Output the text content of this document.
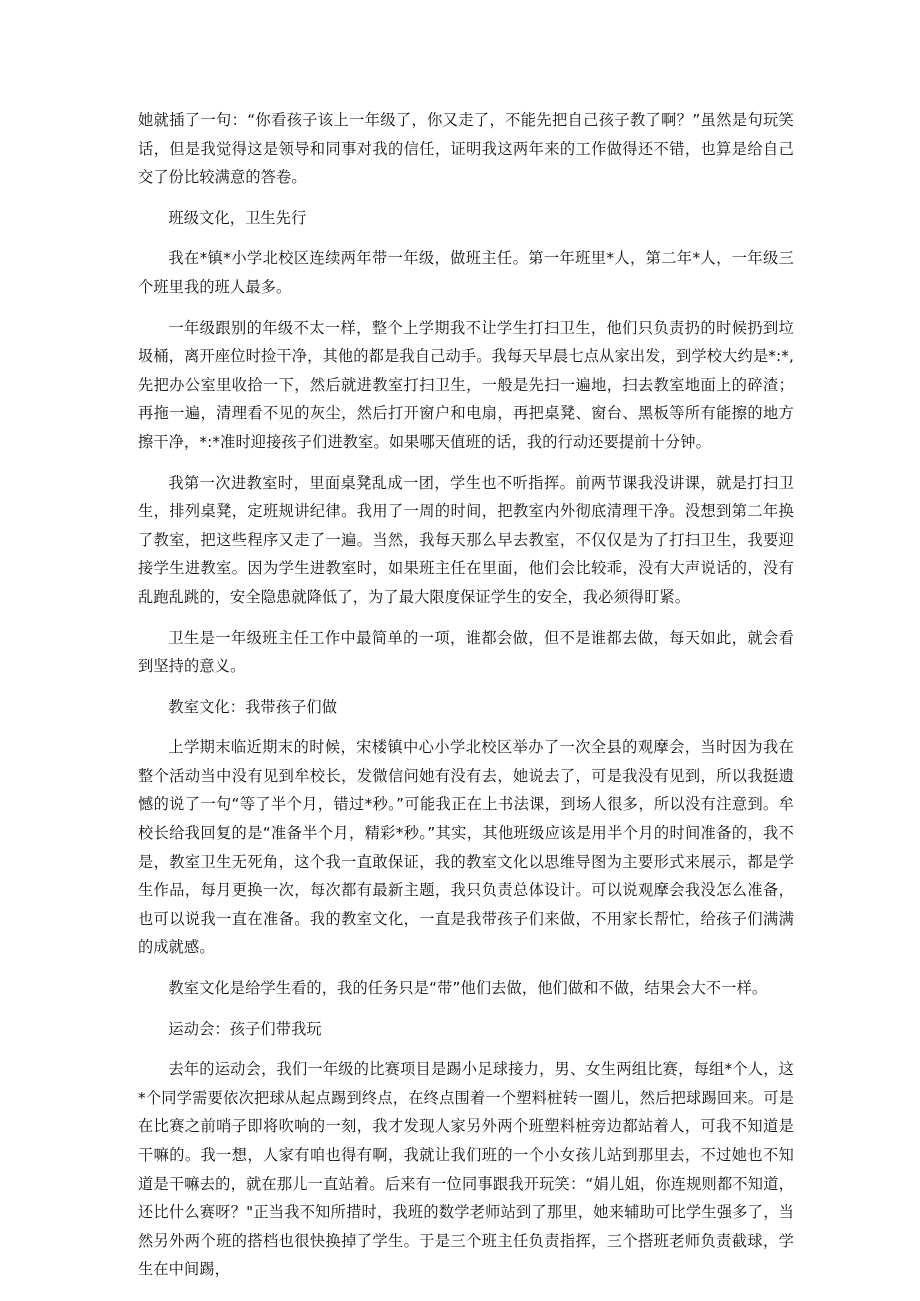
她就插了一句：“你看孩子该上一年级了，你又走了，不能先把自己孩子教了啊？”虽然是句玩笑话，但是我觉得这是领导和同事对我的信任，证明我这两年来的工作做得还不错，也算是给自己交了份比较满意的答卷。

班级文化，卫生先行

我在*镇*小学北校区连续两年带一年级，做班主任。第一年班里*人，第二年*人，一年级三个班里我的班人最多。

一年级跟别的年级不太一样，整个上学期我不让学生打扫卫生，他们只负责扔的时候扔到垃圾桶，离开座位时捡干净，其他的都是我自己动手。我每天早晨七点从家出发，到学校大约是*:*,先把办公室里收拾一下，然后就进教室打扫卫生，一般是先扫一遍地，扫去教室地面上的碎渣；再拖一遍，清理看不见的灰尘，然后打开窗户和电扇，再把桌凳、窗台、黑板等所有能擦的地方擦干净，*:*准时迎接孩子们进教室。如果哪天值班的话，我的行动还要提前十分钟。

我第一次进教室时，里面桌凳乱成一团，学生也不听指挥。前两节课我没讲课，就是打扫卫生，排列桌凳，定班规讲纪律。我用了一周的时间，把教室内外彻底清理干净。没想到第二年换了教室，把这些程序又走了一遍。当然，我每天那么早去教室，不仅仅是为了打扫卫生，我要迎接学生进教室。因为学生进教室时，如果班主任在里面，他们会比较乖，没有大声说话的，没有乱跑乱跳的，安全隐患就降低了，为了最大限度保证学生的安全，我必须得盯紧。

卫生是一年级班主任工作中最简单的一项，谁都会做，但不是谁都去做，每天如此，就会看到坚持的意义。

教室文化：我带孩子们做

上学期末临近期末的时候，宋楼镇中心小学北校区举办了一次全县的观摩会，当时因为我在整个活动当中没有见到牟校长，发微信问她有没有去，她说去了，可是我没有见到，所以我挺遗憾的说了一句“等了半个月，错过*秒。”可能我正在上书法课，到场人很多，所以没有注意到。牟校长给我回复的是“准备半个月，精彩*秒。”其实，其他班级应该是用半个月的时间准备的，我不是，教室卫生无死角，这个我一直敢保证，我的教室文化以思维导图为主要形式来展示，都是学生作品，每月更换一次，每次都有最新主题，我只负责总体设计。可以说观摩会我没怎么准备，也可以说我一直在准备。我的教室文化，一直是我带孩子们来做，不用家长帮忙，给孩子们满满的成就感。

教室文化是给学生看的，我的任务只是“带”他们去做，他们做和不做，结果会大不一样。

运动会：孩子们带我玩

去年的运动会，我们一年级的比赛项目是踢小足球接力，男、女生两组比赛，每组*个人，这*个同学需要依次把球从起点踢到终点，在终点围着一个塑料桩转一圈儿，然后把球踢回来。可是在比赛之前哨子即将吹响的一刻，我才发现人家另外两个班塑料桩旁边都站着人，可我不知道是干嘛的。我一想，人家有咱也得有啊，我就让我们班的一个小女孩儿站到那里去，不过她也不知道是干嘛去的，就在那儿一直站着。后来有一位同事跟我开玩笑：“娟儿姐，你连规则都不知道，还比什么赛呀？"正当我不知所措时，我班的数学老师站到了那里，她来辅助可比学生强多了，当然另外两个班的搭档也很快换掉了学生。于是三个班主任负责指挥，三个搭班老师负责截球，学生在中间踢，
